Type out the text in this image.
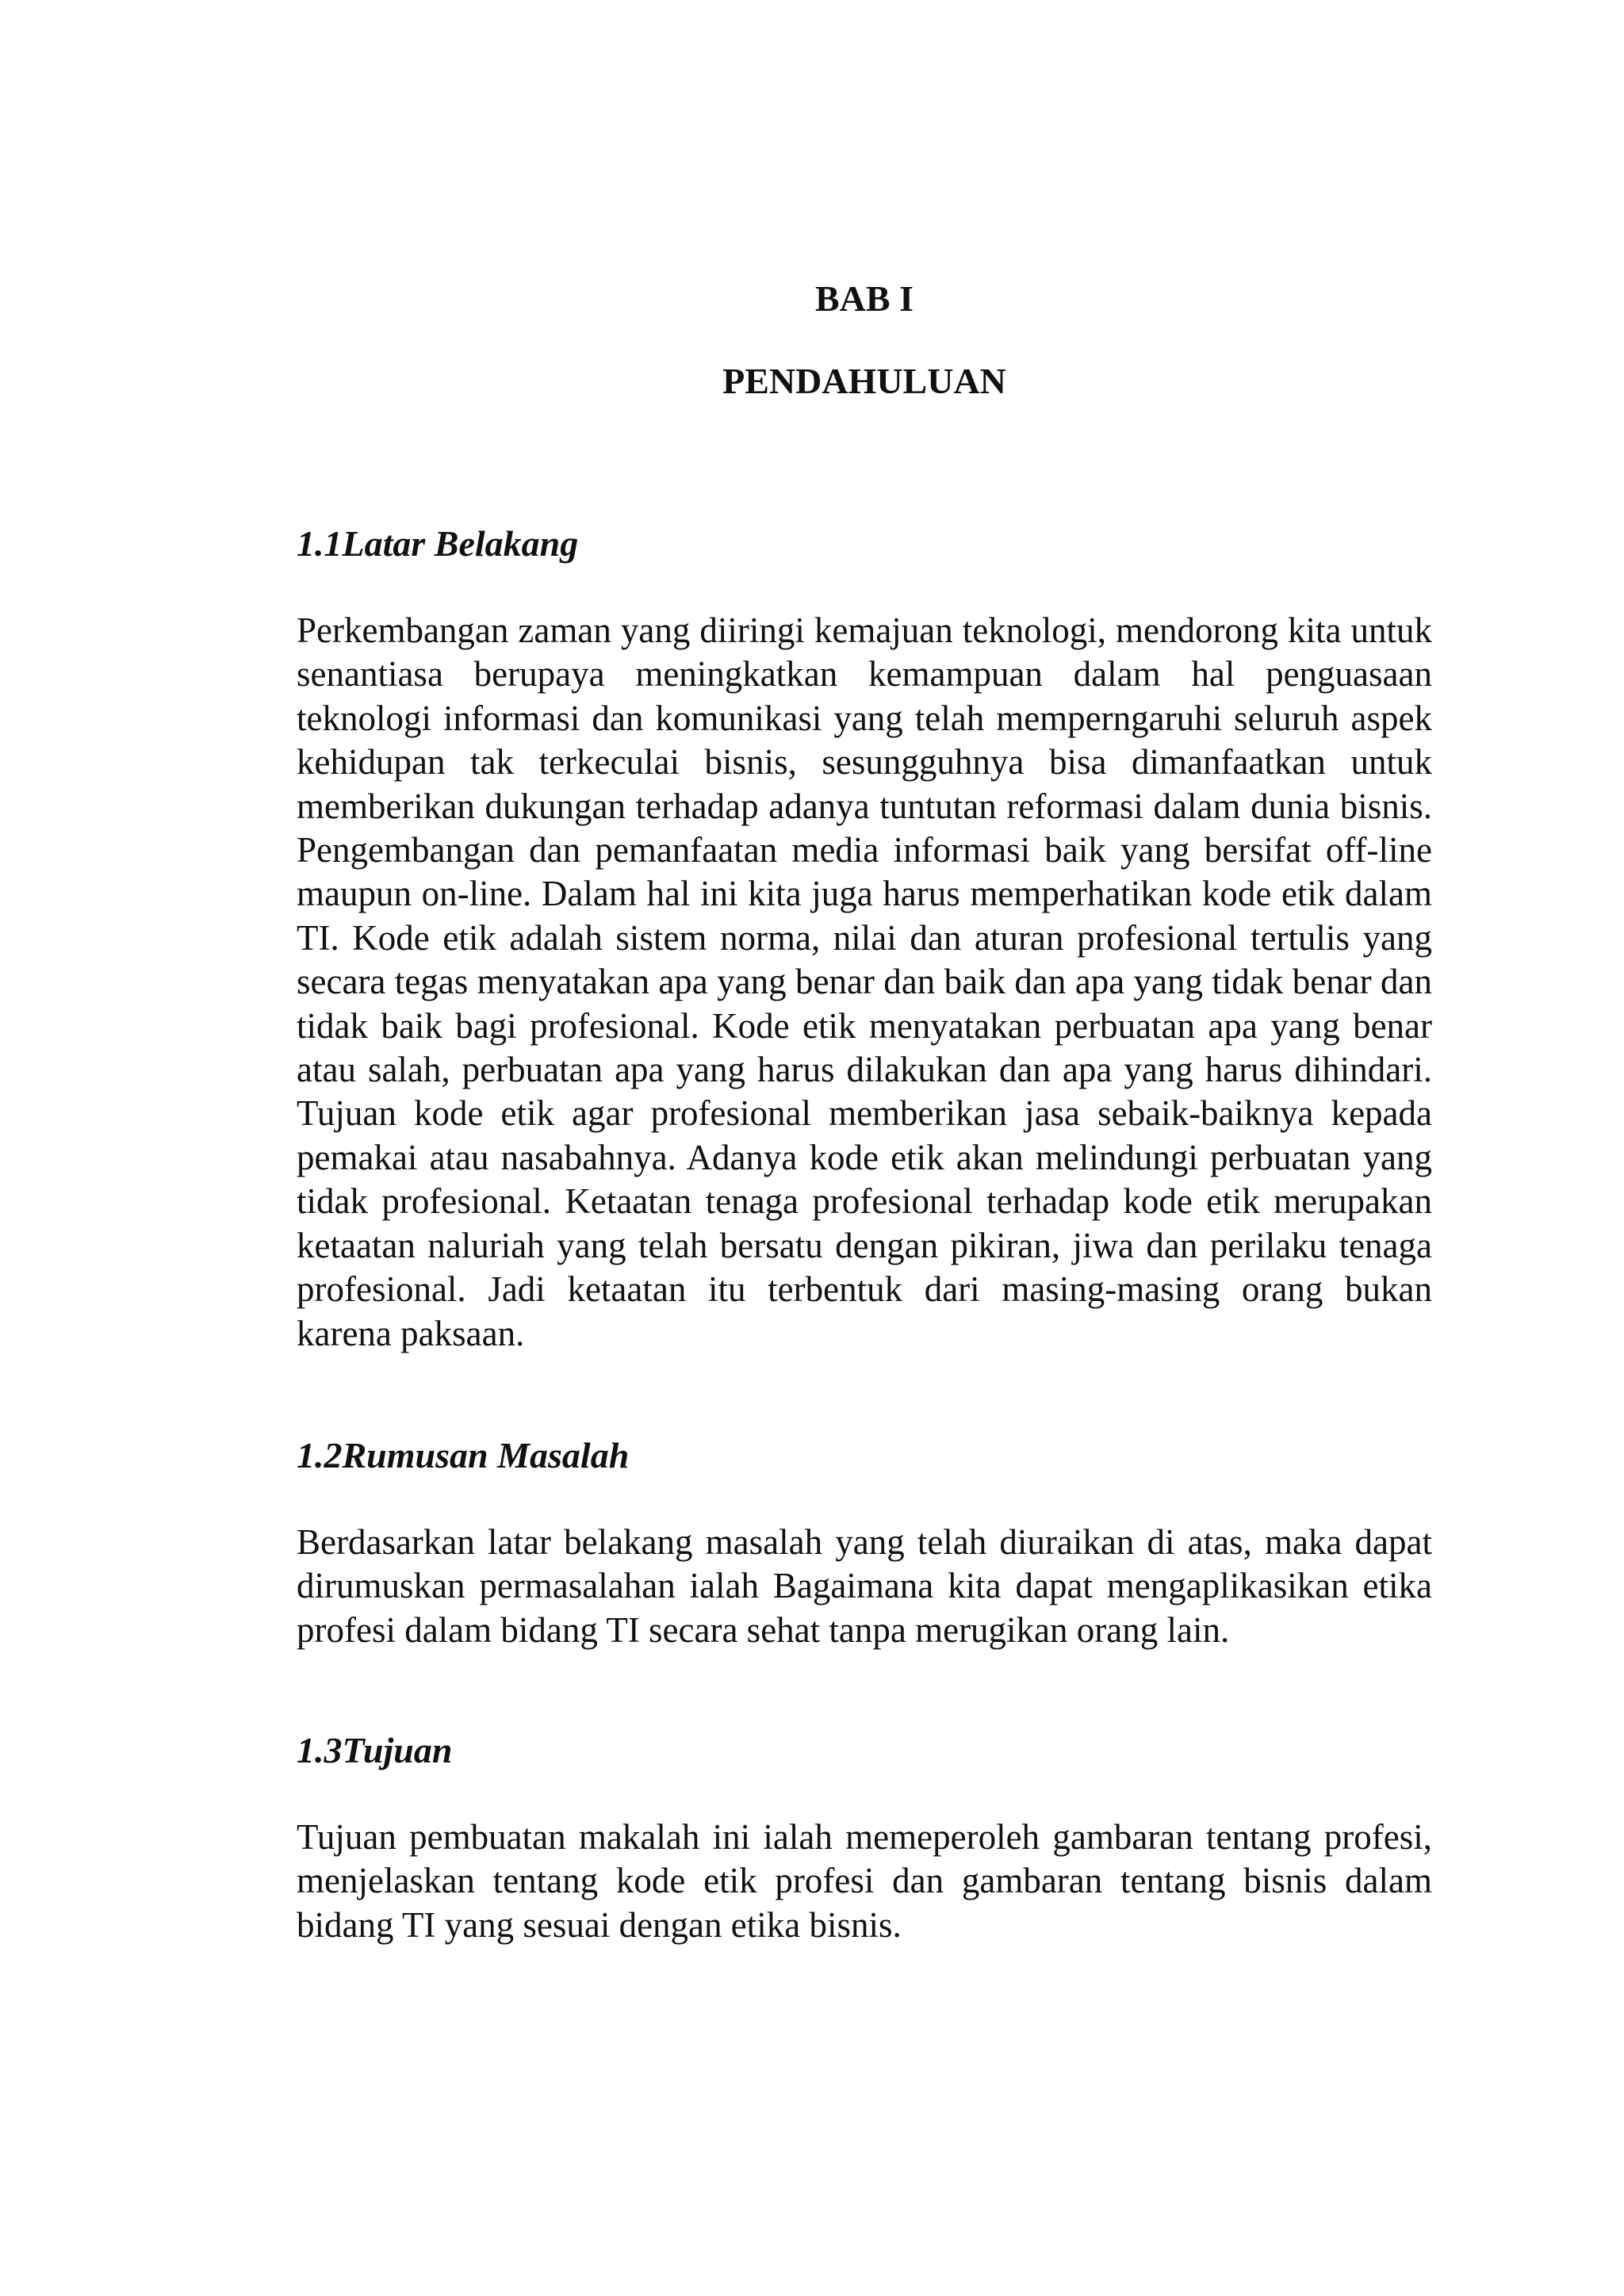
BAB I
PENDAHULUAN
1.1Latar Belakang

Perkembangan zaman yang diiringi kemajuan teknologi, mendorong kita untuk senantiasa berupaya meningkatkan kemampuan dalam hal penguasaan teknologi informasi dan komunikasi yang telah memperngaruhi seluruh aspek kehidupan tak terkeculai bisnis, sesungguhnya bisa dimanfaatkan untuk memberikan dukungan terhadap adanya tuntutan reformasi dalam dunia bisnis. Pengembangan dan pemanfaatan media informasi baik yang bersifat off-line maupun on-line. Dalam hal ini kita juga harus memperhatikan kode etik dalam TI. Kode etik adalah sistem norma, nilai dan aturan profesional tertulis yang secara tegas menyatakan apa yang benar dan baik dan apa yang tidak benar dan tidak baik bagi profesional. Kode etik menyatakan perbuatan apa yang benar atau salah, perbuatan apa yang harus dilakukan dan apa yang harus dihindari. Tujuan kode etik agar profesional memberikan jasa sebaik-baiknya kepada pemakai atau nasabahnya. Adanya kode etik akan melindungi perbuatan yang tidak profesional. Ketaatan tenaga profesional terhadap kode etik merupakan ketaatan naluriah yang telah bersatu dengan pikiran, jiwa dan perilaku tenaga profesional. Jadi ketaatan itu terbentuk dari masing-masing orang bukan karena paksaan.

1.2Rumusan Masalah

Berdasarkan latar belakang masalah yang telah diuraikan di atas, maka dapat dirumuskan permasalahan ialah Bagaimana kita dapat mengaplikasikan etika profesi dalam bidang TI secara sehat tanpa merugikan orang lain.

1.3Tujuan

Tujuan pembuatan makalah ini ialah memeperoleh gambaran tentang profesi, menjelaskan tentang kode etik profesi dan gambaran tentang bisnis dalam bidang TI yang sesuai dengan etika bisnis.
